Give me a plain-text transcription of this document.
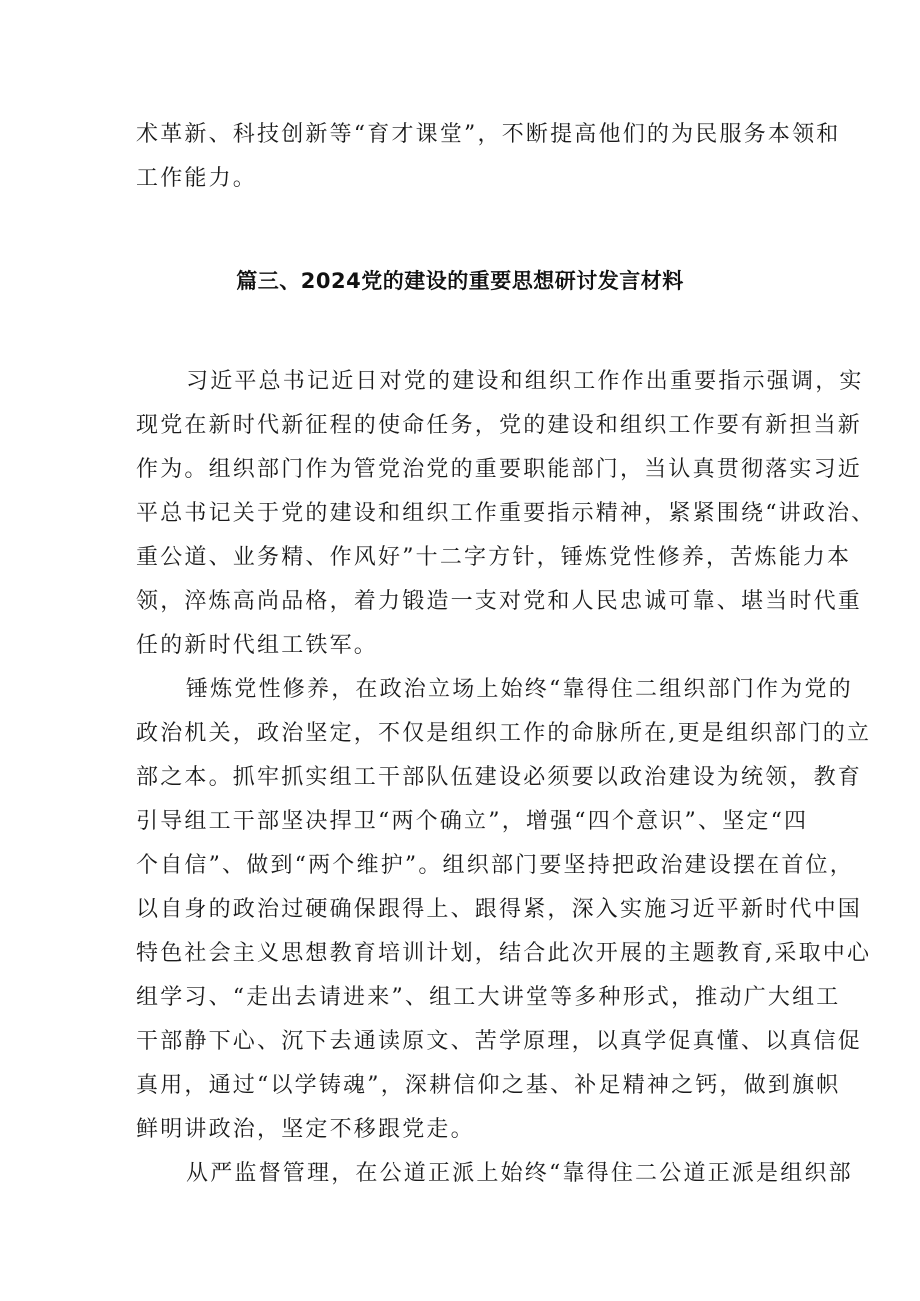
术革新、科技创新等“育才课堂”，不断提高他们的为民服务本领和
工作能力。
篇三、2024党的建设的重要思想研讨发言材料
习近平总书记近日对党的建设和组织工作作出重要指示强调，实
现党在新时代新征程的使命任务，党的建设和组织工作要有新担当新
作为。组织部门作为管党治党的重要职能部门，当认真贯彻落实习近
平总书记关于党的建设和组织工作重要指示精神，紧紧围绕“讲政治、
重公道、业务精、作风好”十二字方针，锤炼党性修养，苦炼能力本
领，淬炼高尚品格，着力锻造一支对党和人民忠诚可靠、堪当时代重
任的新时代组工铁军。
锤炼党性修养，在政治立场上始终“靠得住二组织部门作为党的
政治机关，政治坚定，不仅是组织工作的命脉所在,更是组织部门的立
部之本。抓牢抓实组工干部队伍建设必须要以政治建设为统领，教育
引导组工干部坚决捍卫“两个确立”，增强“四个意识”、坚定“四
个自信”、做到“两个维护”。组织部门要坚持把政治建设摆在首位，
以自身的政治过硬确保跟得上、跟得紧，深入实施习近平新时代中国
特色社会主义思想教育培训计划，结合此次开展的主题教育,采取中心
组学习、“走出去请进来”、组工大讲堂等多种形式，推动广大组工
干部静下心、沉下去通读原文、苦学原理，以真学促真懂、以真信促
真用，通过“以学铸魂”，深耕信仰之基、补足精神之钙，做到旗帜
鲜明讲政治，坚定不移跟党走。
从严监督管理，在公道正派上始终“靠得住二公道正派是组织部
